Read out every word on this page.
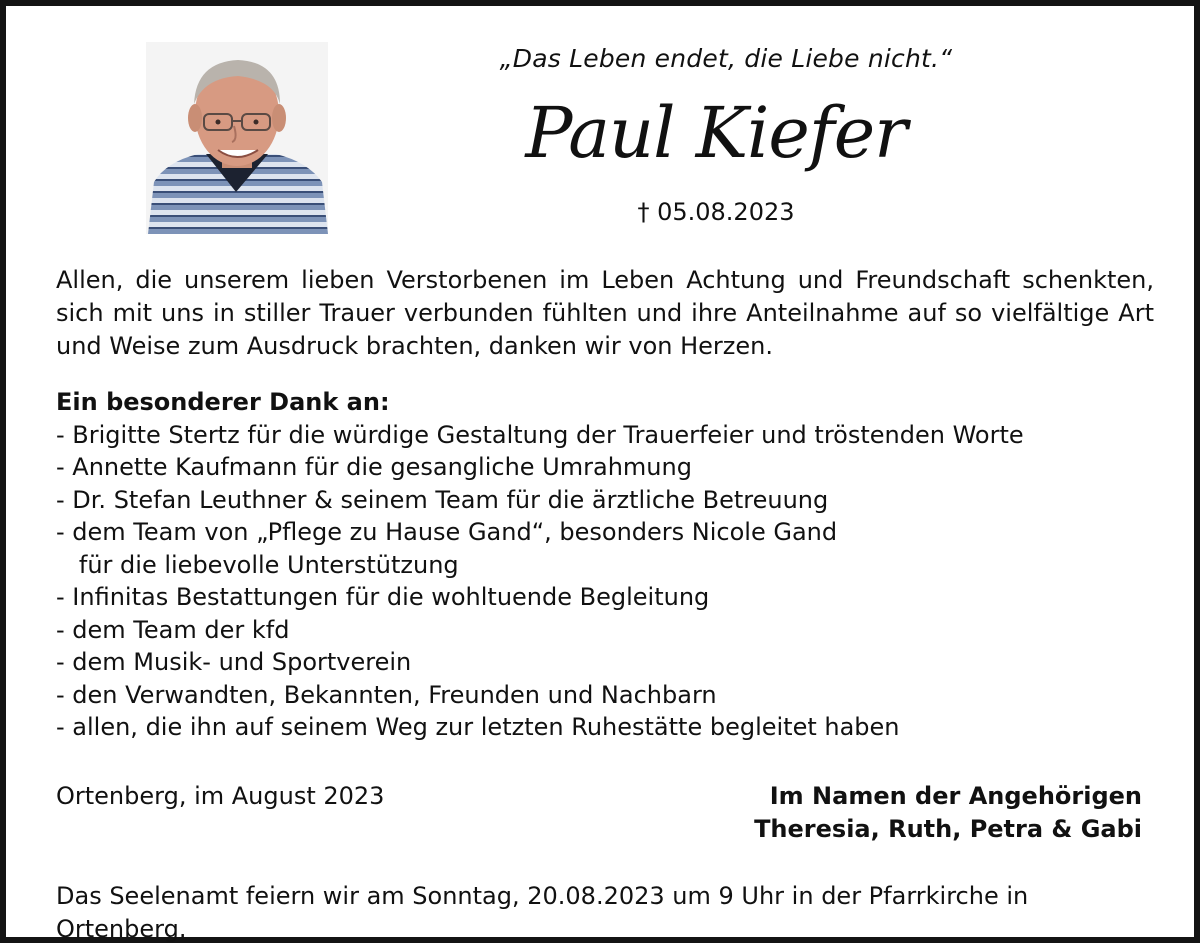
„Das Leben endet, die Liebe nicht.“
Paul Kiefer
† 05.08.2023
Allen, die unserem lieben Verstorbenen im Leben Achtung und Freundschaft schenkten, sich mit uns in stiller Trauer verbunden fühlten und ihre Anteilnahme auf so vielfältige Art und Weise zum Ausdruck brachten, danken wir von Herzen.
Ein besonderer Dank an:
- Brigitte Stertz für die würdige Gestaltung der Trauerfeier und tröstenden Worte
- Annette Kaufmann für die gesangliche Umrahmung
- Dr. Stefan Leuthner & seinem Team für die ärztliche Betreuung
- dem Team von „Pflege zu Hause Gand“, besonders Nicole Gand
für die liebevolle Unterstützung
- Infinitas Bestattungen für die wohltuende Begleitung
- dem Team der kfd
- dem Musik- und Sportverein
- den Verwandten, Bekannten, Freunden und Nachbarn
- allen, die ihn auf seinem Weg zur letzten Ruhestätte begleitet haben
Ortenberg, im August 2023	Im Namen der Angehörigen
Theresia, Ruth, Petra & Gabi
Das Seelenamt feiern wir am Sonntag, 20.08.2023 um 9 Uhr in der Pfarrkirche in Ortenberg.
